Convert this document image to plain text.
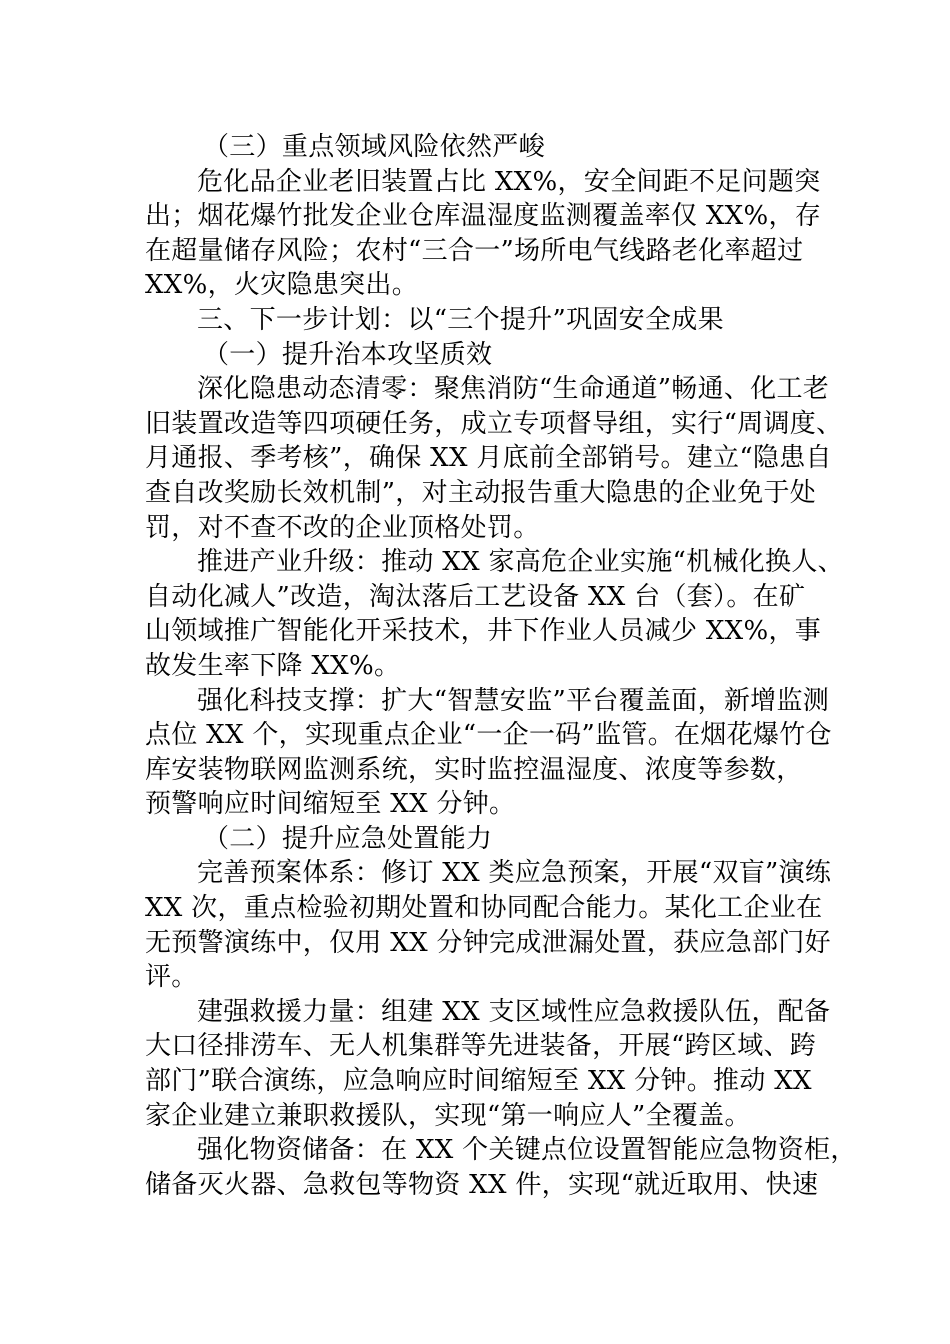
（三）重点领域风险依然严峻
危化品企业老旧装置占比 XX%，安全间距不足问题突
出；烟花爆竹批发企业仓库温湿度监测覆盖率仅 XX%，存
在超量储存风险；农村“三合一”场所电气线路老化率超过
XX%，火灾隐患突出。
三、下一步计划：以“三个提升”巩固安全成果
（一）提升治本攻坚质效
深化隐患动态清零：聚焦消防“生命通道”畅通、化工老
旧装置改造等四项硬任务，成立专项督导组，实行“周调度、
月通报、季考核”，确保 XX 月底前全部销号。建立“隐患自
查自改奖励长效机制”，对主动报告重大隐患的企业免于处
罚，对不查不改的企业顶格处罚。
推进产业升级：推动 XX 家高危企业实施“机械化换人、
自动化减人”改造，淘汰落后工艺设备 XX 台（套）。在矿
山领域推广智能化开采技术，井下作业人员减少 XX%，事
故发生率下降 XX%。
强化科技支撑：扩大“智慧安监”平台覆盖面，新增监测
点位 XX 个，实现重点企业“一企一码”监管。在烟花爆竹仓
库安装物联网监测系统，实时监控温湿度、浓度等参数，
预警响应时间缩短至 XX 分钟。
（二）提升应急处置能力
完善预案体系：修订 XX 类应急预案，开展“双盲”演练
XX 次，重点检验初期处置和协同配合能力。某化工企业在
无预警演练中，仅用 XX 分钟完成泄漏处置，获应急部门好
评。
建强救援力量：组建 XX 支区域性应急救援队伍，配备
大口径排涝车、无人机集群等先进装备，开展“跨区域、跨
部门”联合演练，应急响应时间缩短至 XX 分钟。推动 XX
家企业建立兼职救援队，实现“第一响应人”全覆盖。
强化物资储备：在 XX 个关键点位设置智能应急物资柜，
储备灭火器、急救包等物资 XX 件，实现“就近取用、快速
